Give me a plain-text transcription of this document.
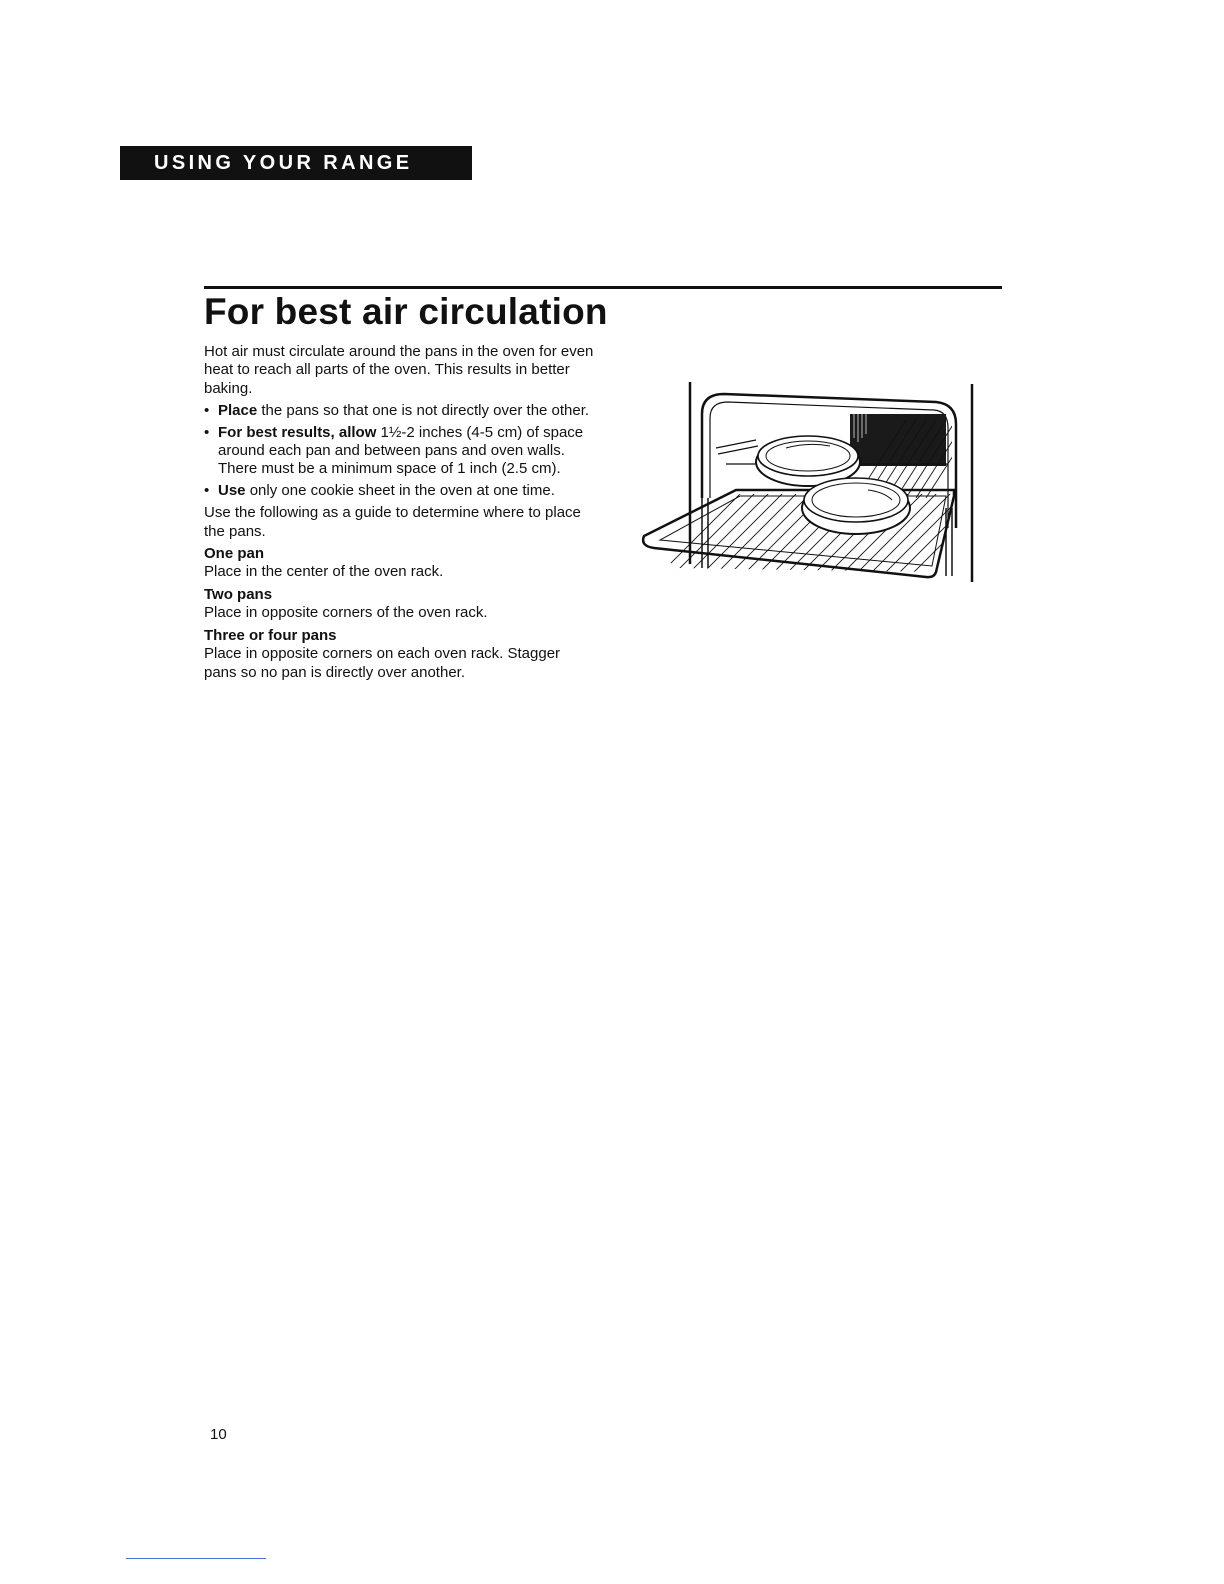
USING YOUR RANGE
For best air circulation

Hot air must circulate around the pans in the oven for even heat to reach all parts of the oven. This results in better baking.

• Place the pans so that one is not directly over the other.
• For best results, allow 1½-2 inches (4-5 cm) of space around each pan and between pans and oven walls. There must be a minimum space of 1 inch (2.5 cm).
• Use only one cookie sheet in the oven at one time.

Use the following as a guide to determine where to place the pans.

One pan
Place in the center of the oven rack.
Two pans
Place in opposite corners of the oven rack.
Three or four pans
Place in opposite corners on each oven rack. Stagger pans so no pan is directly over another.
10
